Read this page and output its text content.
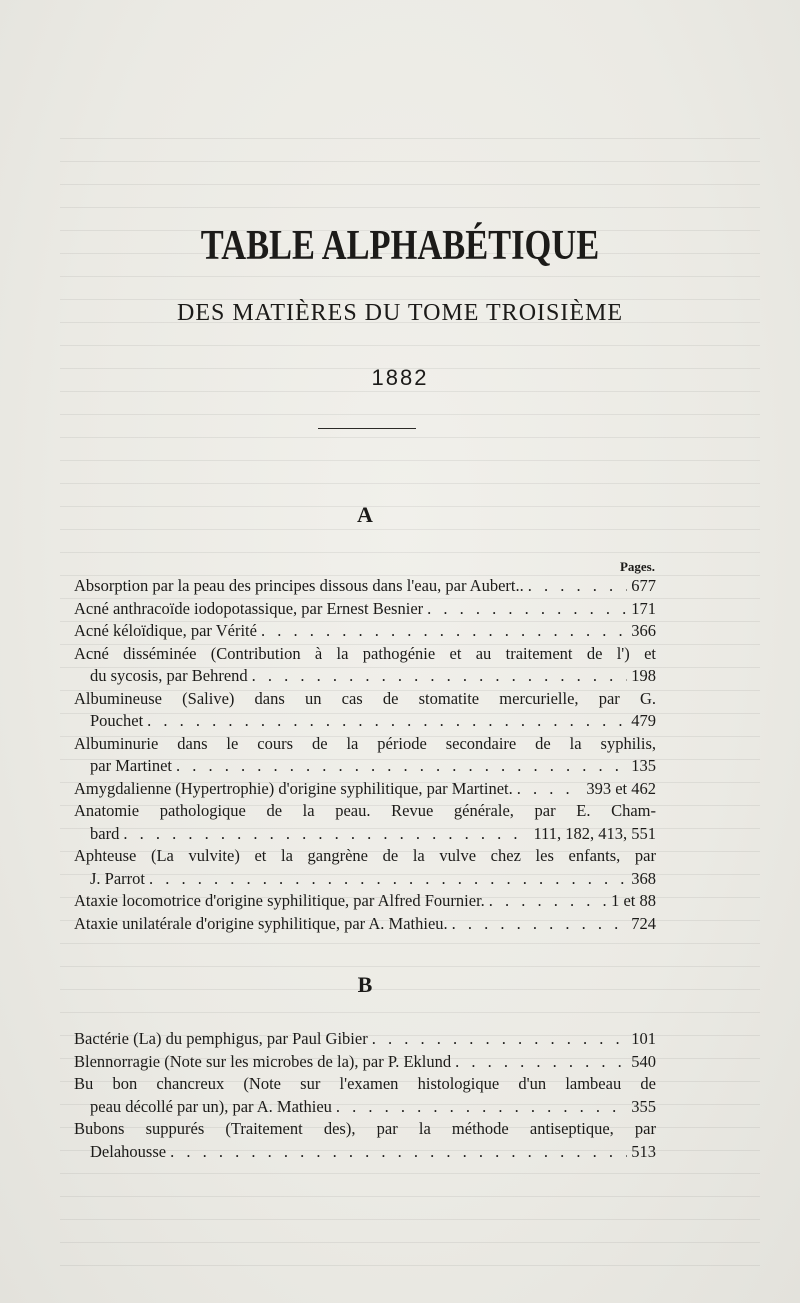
TABLE ALPHABÉTIQUE
DES MATIÈRES DU TOME TROISIÈME
1882
A
Pages.
Absorption par la peau des principes dissous dans l'eau, par Aubert.. . . .	677
Acné anthracoïde iodopotassique, par Ernest Besnier . . .	171
Acné kéloïdique, par Vérité . . .	366
Acné disséminée (Contribution à la pathogénie et au traitement de l') et
du sycosis, par Behrend . . .	198
Albumineuse (Salive) dans un cas de stomatite mercurielle, par G.
Pouchet . . .	479
Albuminurie dans le cours de la période secondaire de la syphilis,
par Martinet . . .	135
Amygdalienne (Hypertrophie) d'origine syphilitique, par Martinet. . . .	393 et 462
Anatomie pathologique de la peau. Revue générale, par E. Cham-
bard . . .	111, 182, 413, 551
Aphteuse (La vulvite) et la gangrène de la vulve chez les enfants, par
J. Parrot . . .	368
Ataxie locomotrice d'origine syphilitique, par Alfred Fournier. . . .	1 et 88
Ataxie unilatérale d'origine syphilitique, par A. Mathieu. . . .	724
B
Bactérie (La) du pemphigus, par Paul Gibier . . .	101
Blennorragie (Note sur les microbes de la), par P. Eklund . . .	540
Bu bon chancreux (Note sur l'examen histologique d'un lambeau de
peau décollé par un), par A. Mathieu . . .	355
Bubons suppurés (Traitement des), par la méthode antiseptique, par
Delahousse . . .	513
